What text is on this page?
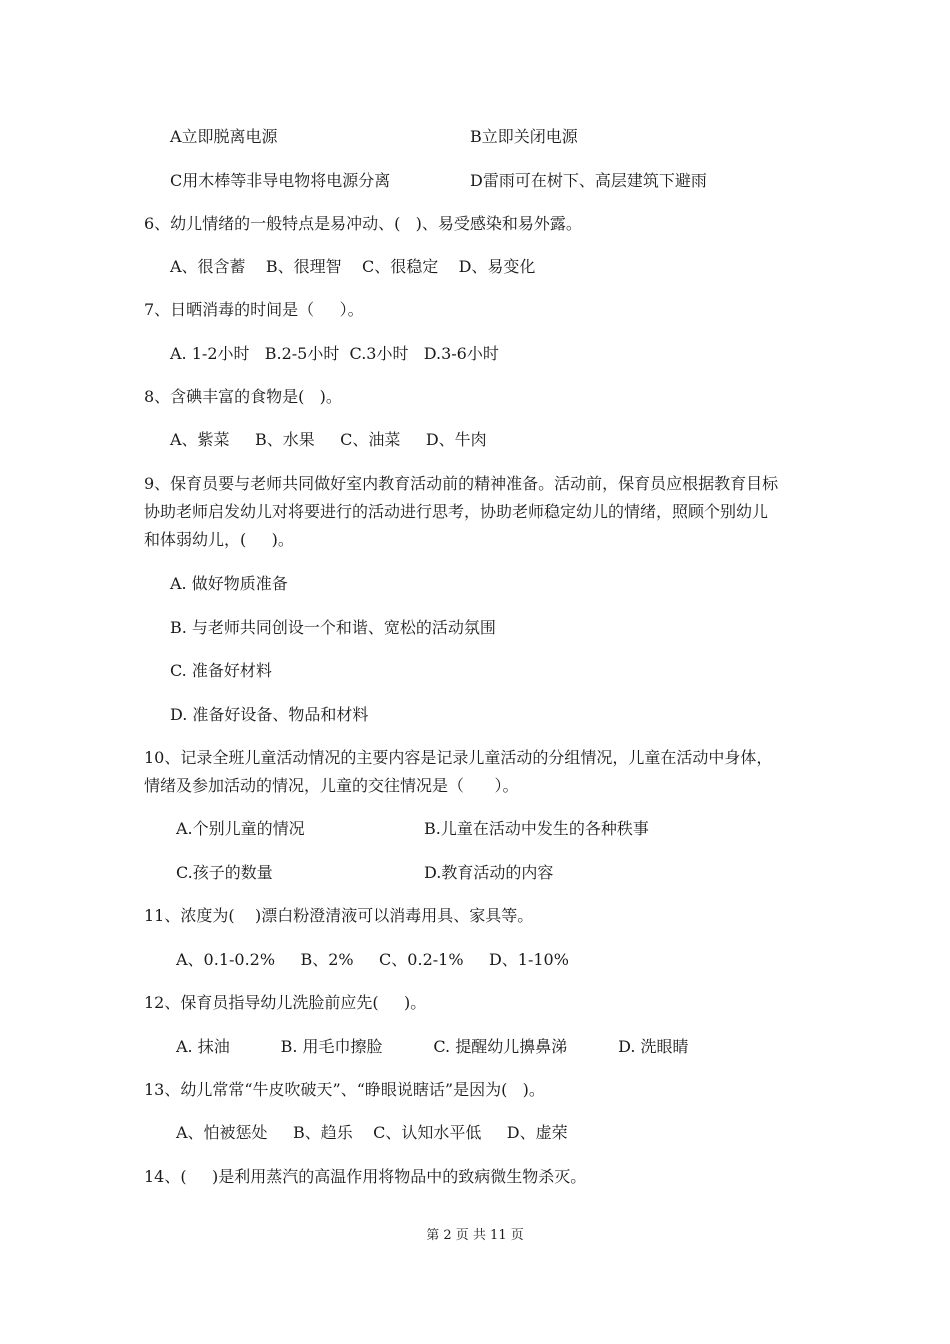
A立即脱离电源	B立即关闭电源
C用木棒等非导电物将电源分离	D雷雨可在树下、高层建筑下避雨
6、幼儿情绪的一般特点是易冲动、(   )、易受感染和易外露。
A、很含蓄    B、很理智    C、很稳定    D、易变化
7、日晒消毒的时间是（     ）。
A. 1-2小时   B.2-5小时  C.3小时   D.3-6小时
8、含碘丰富的食物是(   )。
A、紫菜     B、水果     C、油菜     D、牛肉
9、保育员要与老师共同做好室内教育活动前的精神准备。活动前，保育员应根据教育目标
协助老师启发幼儿对将要进行的活动进行思考，协助老师稳定幼儿的情绪，照顾个别幼儿
和体弱幼儿，(     )。
A. 做好物质准备
B. 与老师共同创设一个和谐、宽松的活动氛围
C. 准备好材料
D. 准备好设备、物品和材料
10、记录全班儿童活动情况的主要内容是记录儿童活动的分组情况，儿童在活动中身体，
情绪及参加活动的情况，儿童的交往情况是（      ）。
A.个别儿童的情况	B.儿童在活动中发生的各种秩事
C.孩子的数量	D.教育活动的内容
11、浓度为(    )漂白粉澄清液可以消毒用具、家具等。
A、0.1-0.2%     B、2%     C、0.2-1%     D、1-10%
12、保育员指导幼儿洗脸前应先(     )。
A. 抹油          B. 用毛巾擦脸          C. 提醒幼儿擤鼻涕          D. 洗眼睛
13、幼儿常常“牛皮吹破天”、“睁眼说瞎话”是因为(   )。
A、怕被惩处     B、趋乐    C、认知水平低     D、虚荣
14、(     )是利用蒸汽的高温作用将物品中的致病微生物杀灭。
第 2 页 共 11 页
